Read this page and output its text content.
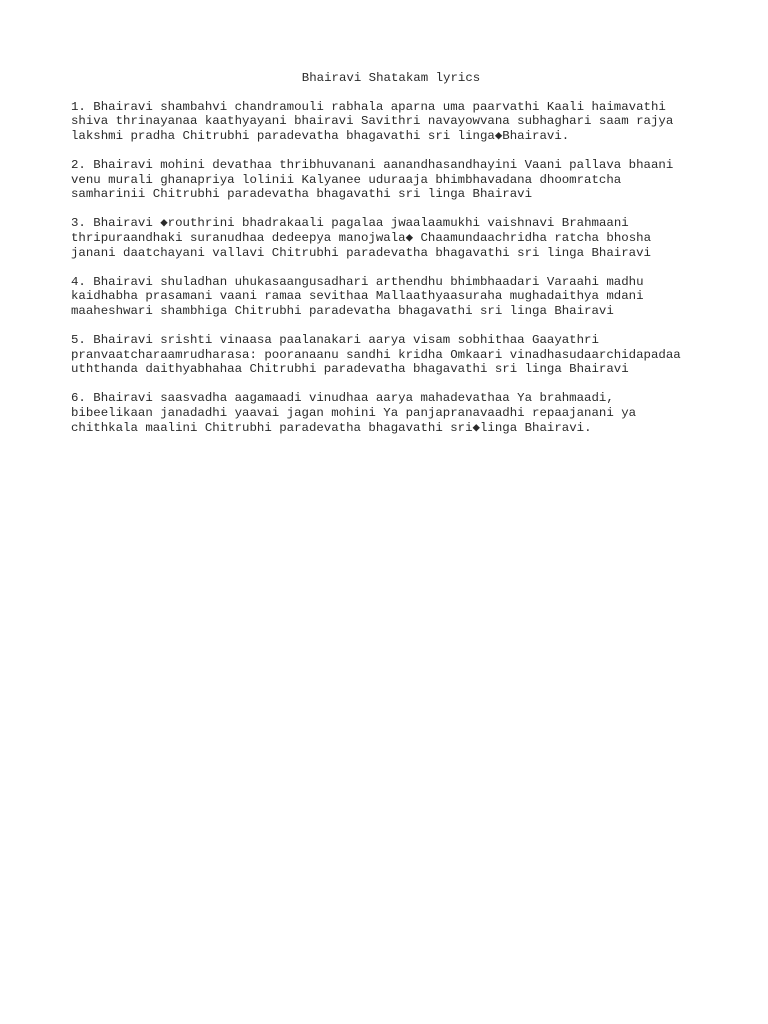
Bhairavi Shatakam lyrics
1. Bhairavi shambahvi chandramouli rabhala aparna uma paarvathi Kaali haimavathi
shiva thrinayanaa kaathyayani bhairavi Savithri navayowvana subhaghari saam rajya
lakshmi pradha Chitrubhi paradevatha bhagavathi sri linga◆Bhairavi.
2. Bhairavi mohini devathaa thribhuvanani aanandhasandhayini Vaani pallava bhaani
venu murali ghanapriya lolinii Kalyanee uduraaja bhimbhavadana dhoomratcha
samharinii Chitrubhi paradevatha bhagavathi sri linga Bhairavi
3. Bhairavi ◆routhrini bhadrakaali pagalaa jwaalaamukhi vaishnavi Brahmaani
thripuraandhaki suranudhaa dedeepya manojwala◆ Chaamundaachridha ratcha bhosha
janani daatchayani vallavi Chitrubhi paradevatha bhagavathi sri linga Bhairavi
4. Bhairavi shuladhan uhukasaangusadhari arthendhu bhimbhaadari Varaahi madhu
kaidhabha prasamani vaani ramaa sevithaa Mallaathyaasuraha mughadaithya mdani
maaheshwari shambhiga Chitrubhi paradevatha bhagavathi sri linga Bhairavi
5. Bhairavi srishti vinaasa paalanakari aarya visam sobhithaa Gaayathri
pranvaatcharaamrudharasa: pooranaanu sandhi kridha Omkaari vinadhasudaarchidapadaa
uththanda daithyabhahaa Chitrubhi paradevatha bhagavathi sri linga Bhairavi
6. Bhairavi saasvadha aagamaadi vinudhaa aarya mahadevathaa Ya brahmaadi,
bibeelikaan janadadhi yaavai jagan mohini Ya panjapranavaadhi repaajanani ya
chithkala maalini Chitrubhi paradevatha bhagavathi sri◆linga Bhairavi.
